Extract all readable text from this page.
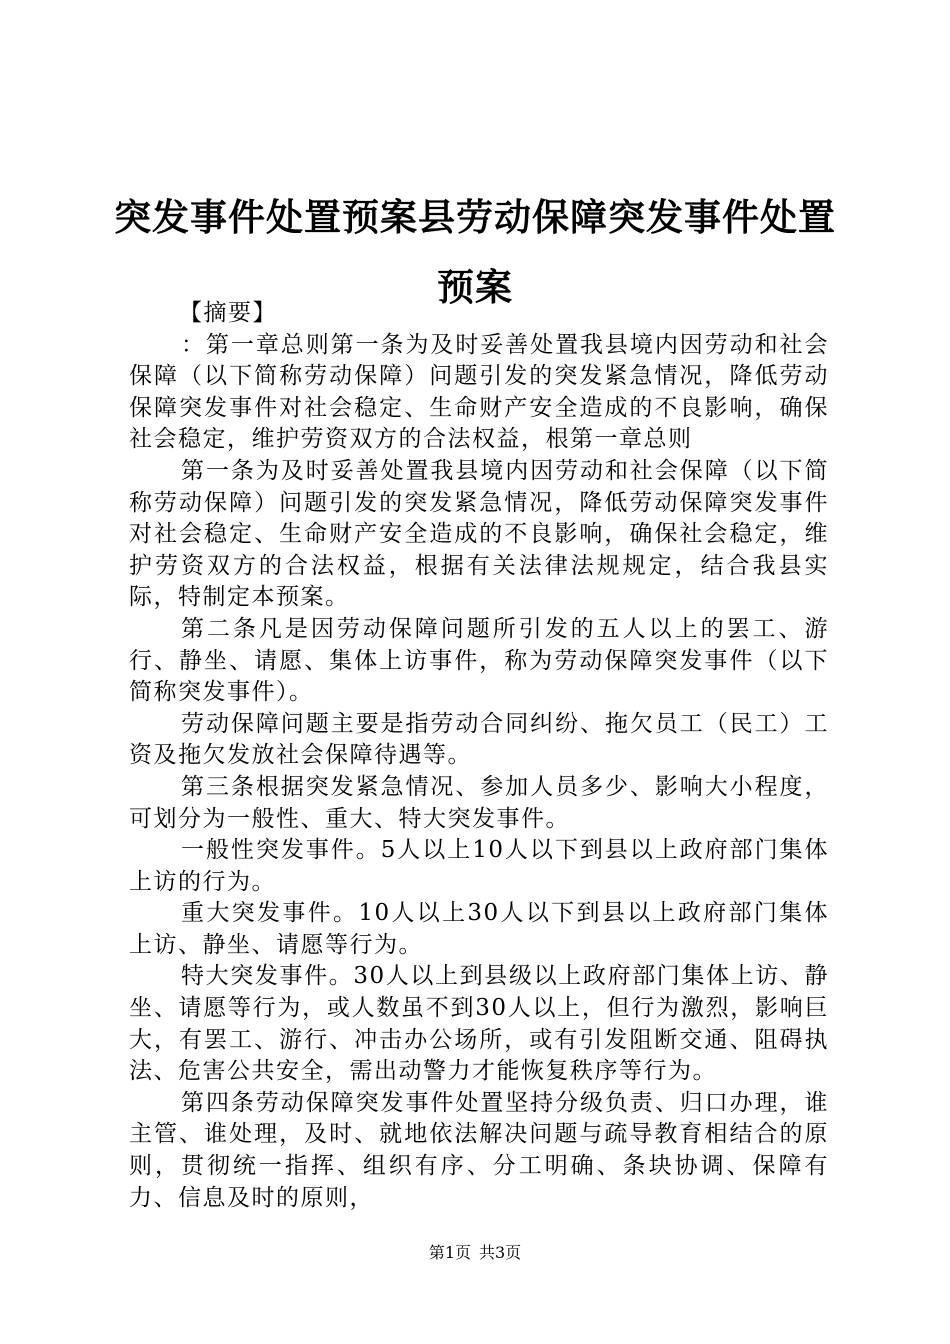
突发事件处置预案县劳动保障突发事件处置预案

【摘要】

：第一章总则第一条为及时妥善处置我县境内因劳动和社会保障（以下简称劳动保障）问题引发的突发紧急情况，降低劳动保障突发事件对社会稳定、生命财产安全造成的不良影响，确保社会稳定，维护劳资双方的合法权益，根第一章总则

第一条为及时妥善处置我县境内因劳动和社会保障（以下简称劳动保障）问题引发的突发紧急情况，降低劳动保障突发事件对社会稳定、生命财产安全造成的不良影响，确保社会稳定，维护劳资双方的合法权益，根据有关法律法规规定，结合我县实际，特制定本预案。

第二条凡是因劳动保障问题所引发的五人以上的罢工、游行、静坐、请愿、集体上访事件，称为劳动保障突发事件（以下简称突发事件）。

劳动保障问题主要是指劳动合同纠纷、拖欠员工（民工）工资及拖欠发放社会保障待遇等。

第三条根据突发紧急情况、参加人员多少、影响大小程度，可划分为一般性、重大、特大突发事件。

一般性突发事件。5人以上10人以下到县以上政府部门集体上访的行为。

重大突发事件。10人以上30人以下到县以上政府部门集体上访、静坐、请愿等行为。

特大突发事件。30人以上到县级以上政府部门集体上访、静坐、请愿等行为，或人数虽不到30人以上，但行为激烈，影响巨大，有罢工、游行、冲击办公场所，或有引发阻断交通、阻碍执法、危害公共安全，需出动警力才能恢复秩序等行为。

第四条劳动保障突发事件处置坚持分级负责、归口办理，谁主管、谁处理，及时、就地依法解决问题与疏导教育相结合的原则，贯彻统一指挥、组织有序、分工明确、条块协调、保障有力、信息及时的原则，

第1页 共3页
